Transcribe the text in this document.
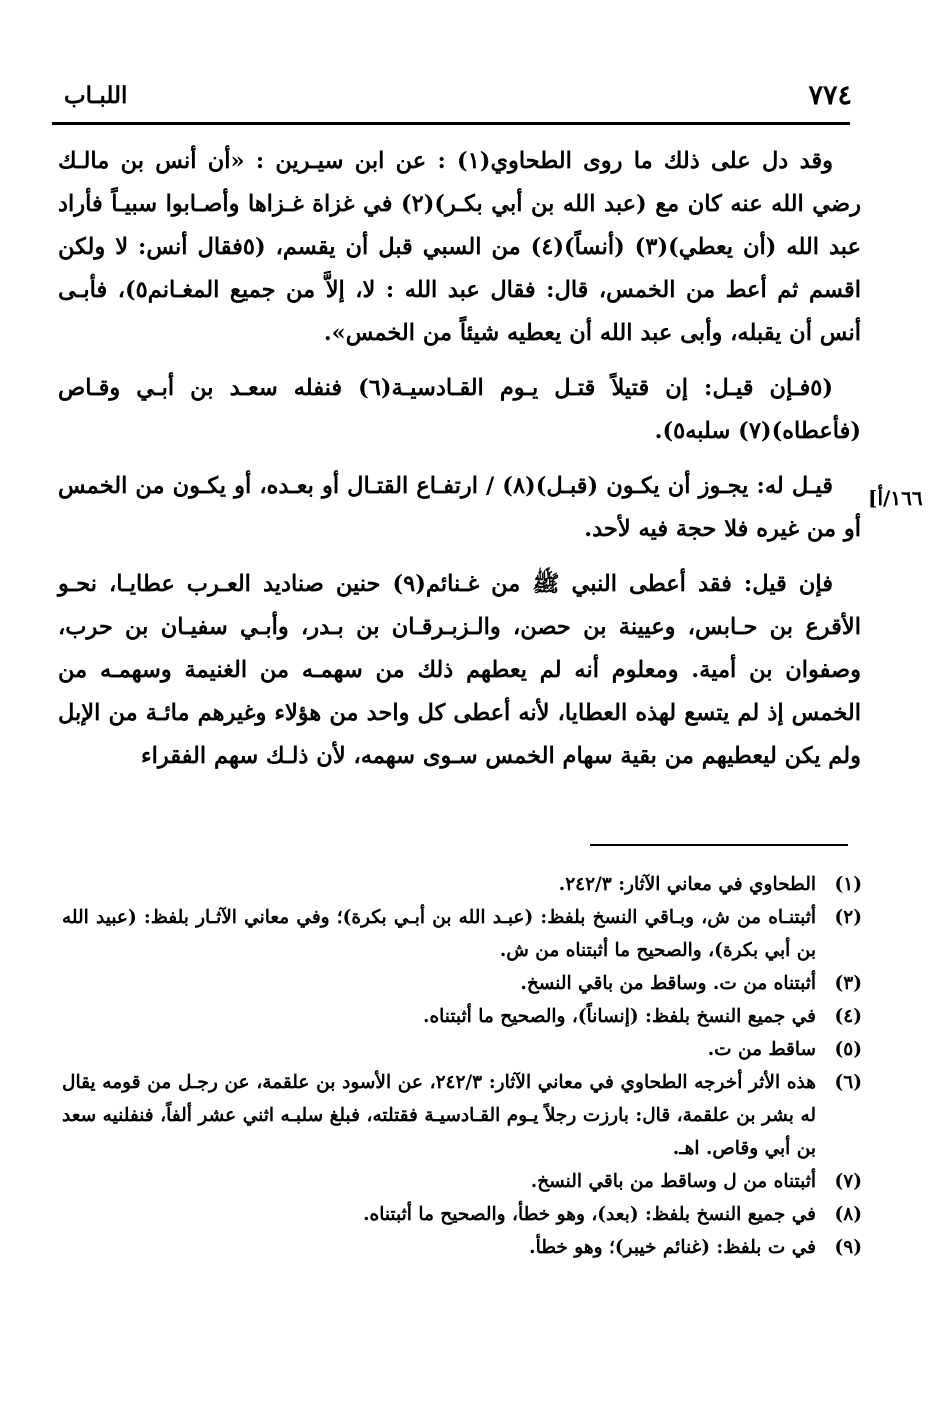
٧٧٤
اللبـاب
١٦٦/أ]

وقد دل على ذلك ما روى الطحاوي(١) : عن ابن سيـرين : «أن أنس بن مالـك رضي الله عنه كان مع (عبد الله بن أبي بكـر)(٢) في غزاة غـزاها وأصـابوا سبيـاً فأراد عبد الله (أن يعطي)(٣) (أنساً)(٤) من السبي قبل أن يقسم، (٥فقال أنس: لا ولكن اقسم ثم أعط من الخمس، قال: فقال عبد الله : لا، إلاَّ من جميع المغـانم٥)، فأبـى أنس أن يقبله، وأبى عبد الله أن يعطيه شيئاً من الخمس».

(٥فـإن قيـل: إن قتيلاً قتـل يـوم القـادسيـة(٦) فنفله سعـد بن أبـي وقـاص (فأعطاه)(٧) سلبه٥).

قيـل له: يجـوز أن يكـون (قبـل)(٨) / ارتفـاع القتـال أو بعـده، أو يكـون من الخمس أو من غيره فلا حجة فيه لأحد.

فإن قيل: فقد أعطى النبي ﷺ من غـنائم(٩) حنين صناديد العـرب عطايـا، نحـو الأقرع بن حـابس، وعيينة بن حصن، والـزبـرقـان بن بـدر، وأبـي سفيـان بن حرب، وصفوان بن أمية. ومعلوم أنه لم يعطهم ذلك من سهمـه من الغنيمة وسهمـه من الخمس إذ لم يتسع لهذه العطايا، لأنه أعطى كل واحد من هؤلاء وغيرهم مائـة من الإبل ولم يكن ليعطيهم من بقية سهام الخمس سـوى سهمه، لأن ذلـك سهم الفقراء

(١)
الطحاوي في معاني الآثار: ٢٤٢/٣.

(٢)
أثبتنـاه من ش، وبـاقي النسخ بلفظ: (عبـد الله بن أبـي بكرة)؛ وفي معاني الآثـار بلفظ: (عبيد الله بن أبي بكرة)، والصحيح ما أثبتناه من ش.

(٣)
أثبتناه من ت. وساقط من باقي النسخ.

(٤)
في جميع النسخ بلفظ: (إنساناً)، والصحيح ما أثبتناه.

(٥)
ساقط من ت.

(٦)
هذه الأثر أخرجه الطحاوي في معاني الآثار: ٢٤٢/٣، عن الأسود بن علقمة، عن رجـل من قومه يقال له بشر بن علقمة، قال: بارزت رجلاً يـوم القـادسيـة فقتلته، فبلغ سلبـه اثني عشر ألفاً، فنفلنيه سعد بن أبي وقاص. اهـ.

(٧)
أثبتناه من ل وساقط من باقي النسخ.

(٨)
في جميع النسخ بلفظ: (بعد)، وهو خطأ، والصحيح ما أثبتناه.

(٩)
في ت بلفظ: (غنائم خيبر)؛ وهو خطأ.
